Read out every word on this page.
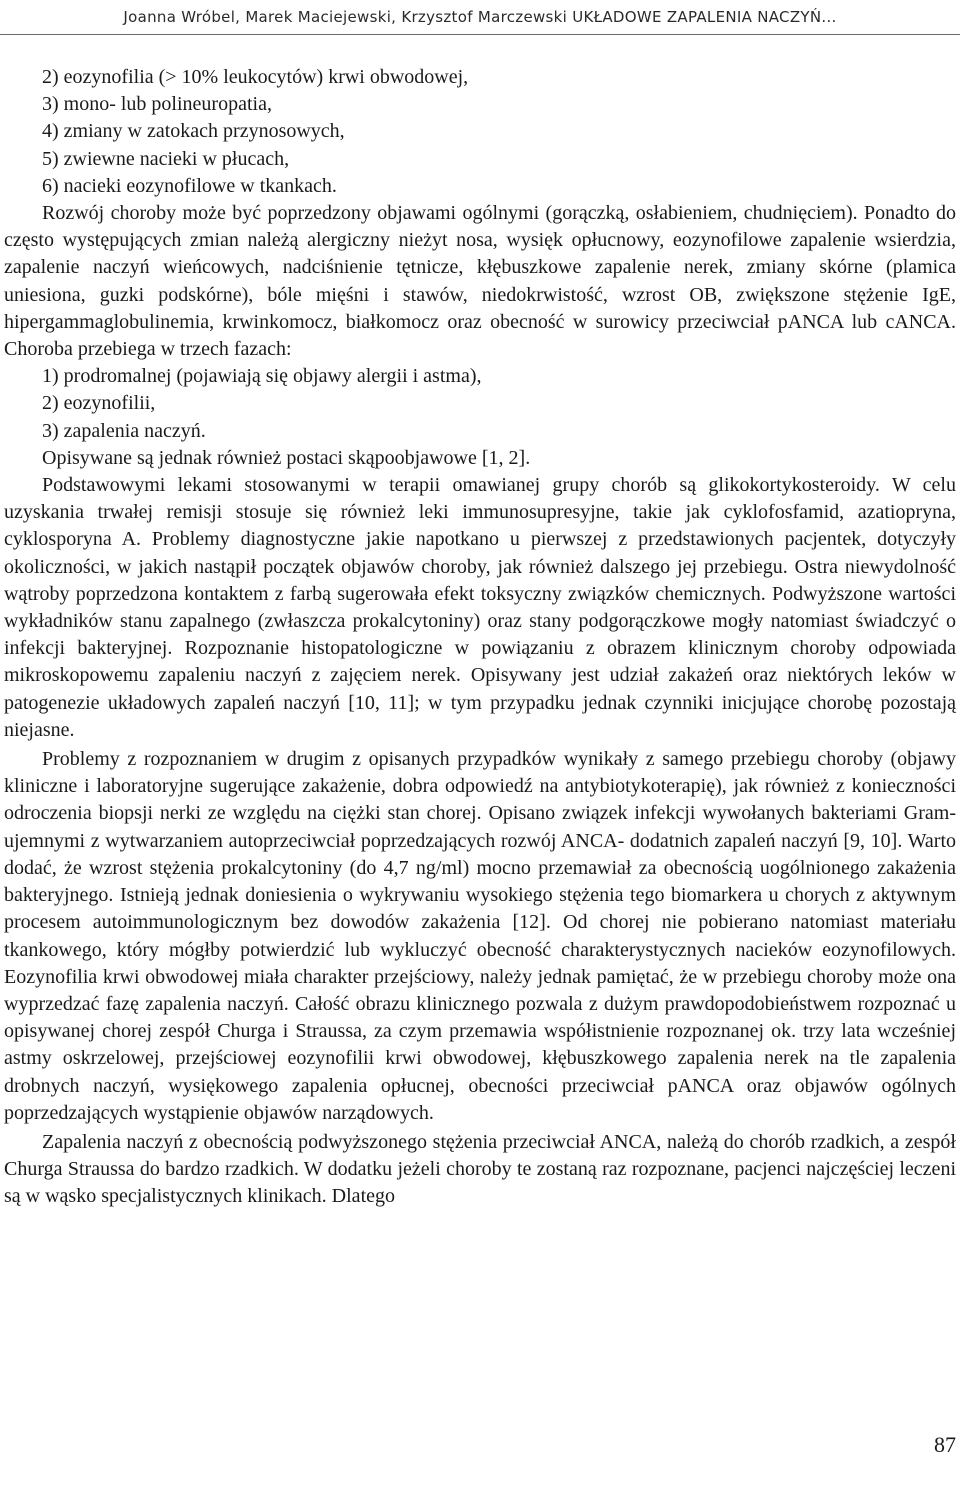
Joanna Wróbel, Marek Maciejewski, Krzysztof Marczewski UKŁADOWE ZAPALENIA NACZYŃ...

2) eozynofilia (> 10% leukocytów) krwi obwodowej,

3) mono- lub polineuropatia,

4) zmiany w zatokach przynosowych,

5) zwiewne nacieki w płucach,

6) nacieki eozynofilowe w tkankach.

Rozwój choroby może być poprzedzony objawami ogólnymi (gorączką, osłabieniem, chudnięciem). Ponadto do często występujących zmian należą alergiczny nieżyt nosa, wysięk opłucnowy, eozynofilowe zapalenie wsierdzia, zapalenie naczyń wieńcowych, nadciśnienie tętnicze, kłębuszkowe zapalenie nerek, zmiany skórne (plamica uniesiona, guzki podskórne), bóle mięśni i stawów, niedokrwistość, wzrost OB, zwiększone stężenie IgE, hipergammaglobulinemia, krwinkomocz, białkomocz oraz obecność w surowicy przeciwciał pANCA lub cANCA. Choroba przebiega w trzech fazach:

1) prodromalnej (pojawiają się objawy alergii i astma),

2) eozynofilii,

3) zapalenia naczyń.

Opisywane są jednak również postaci skąpoobjawowe [1, 2].

Podstawowymi lekami stosowanymi w terapii omawianej grupy chorób są glikokortykosteroidy. W celu uzyskania trwałej remisji stosuje się również leki immunosupresyjne, takie jak cyklofosfamid, azatiopryna, cyklosporyna A. Problemy diagnostyczne jakie napotkano u pierwszej z przedstawionych pacjentek, dotyczyły okoliczności, w jakich nastąpił początek objawów choroby, jak również dalszego jej przebiegu. Ostra niewydolność wątroby poprzedzona kontaktem z farbą sugerowała efekt toksyczny związków chemicznych. Podwyższone wartości wykładników stanu zapalnego (zwłaszcza prokalcytoniny) oraz stany podgorączkowe mogły natomiast świadczyć o infekcji bakteryjnej. Rozpoznanie histopatologiczne w powiązaniu z obrazem klinicznym choroby odpowiada mikroskopowemu zapaleniu naczyń z zajęciem nerek. Opisywany jest udział zakażeń oraz niektórych leków w patogenezie układowych zapaleń naczyń [10, 11]; w tym przypadku jednak czynniki inicjujące chorobę pozostają niejasne.

Problemy z rozpoznaniem w drugim z opisanych przypadków wynikały z samego przebiegu choroby (objawy kliniczne i laboratoryjne sugerujące zakażenie, dobra odpowiedź na antybiotykoterapię), jak również z konieczności odroczenia biopsji nerki ze względu na ciężki stan chorej. Opisano związek infekcji wywołanych bakteriami Gram-ujemnymi z wytwarzaniem autoprzeciwciał poprzedzających rozwój ANCA- dodatnich zapaleń naczyń [9, 10]. Warto dodać, że wzrost stężenia prokalcytoniny (do 4,7 ng/ml) mocno przemawiał za obecnością uogólnionego zakażenia bakteryjnego. Istnieją jednak doniesienia o wykrywaniu wysokiego stężenia tego biomarkera u chorych z aktywnym procesem autoimmunologicznym bez dowodów zakażenia [12]. Od chorej nie pobierano natomiast materiału tkankowego, który mógłby potwierdzić lub wykluczyć obecność charakterystycznych nacieków eozynofilowych. Eozynofilia krwi obwodowej miała charakter przejściowy, należy jednak pamiętać, że w przebiegu choroby może ona wyprzedzać fazę zapalenia naczyń. Całość obrazu klinicznego pozwala z dużym prawdopodobieństwem rozpoznać u opisywanej chorej zespół Churga i Straussa, za czym przemawia współistnienie rozpoznanej ok. trzy lata wcześniej astmy oskrzelowej, przejściowej eozynofilii krwi obwodowej, kłębuszkowego zapalenia nerek na tle zapalenia drobnych naczyń, wysiękowego zapalenia opłucnej, obecności przeciwciał pANCA oraz objawów ogólnych poprzedzających wystąpienie objawów narządowych.

Zapalenia naczyń z obecnością podwyższonego stężenia przeciwciał ANCA, należą do chorób rzadkich, a zespół Churga Straussa do bardzo rzadkich. W dodatku jeżeli choroby te zostaną raz rozpoznane, pacjenci najczęściej leczeni są w wąsko specjalistycznych klinikach. Dlatego

87
